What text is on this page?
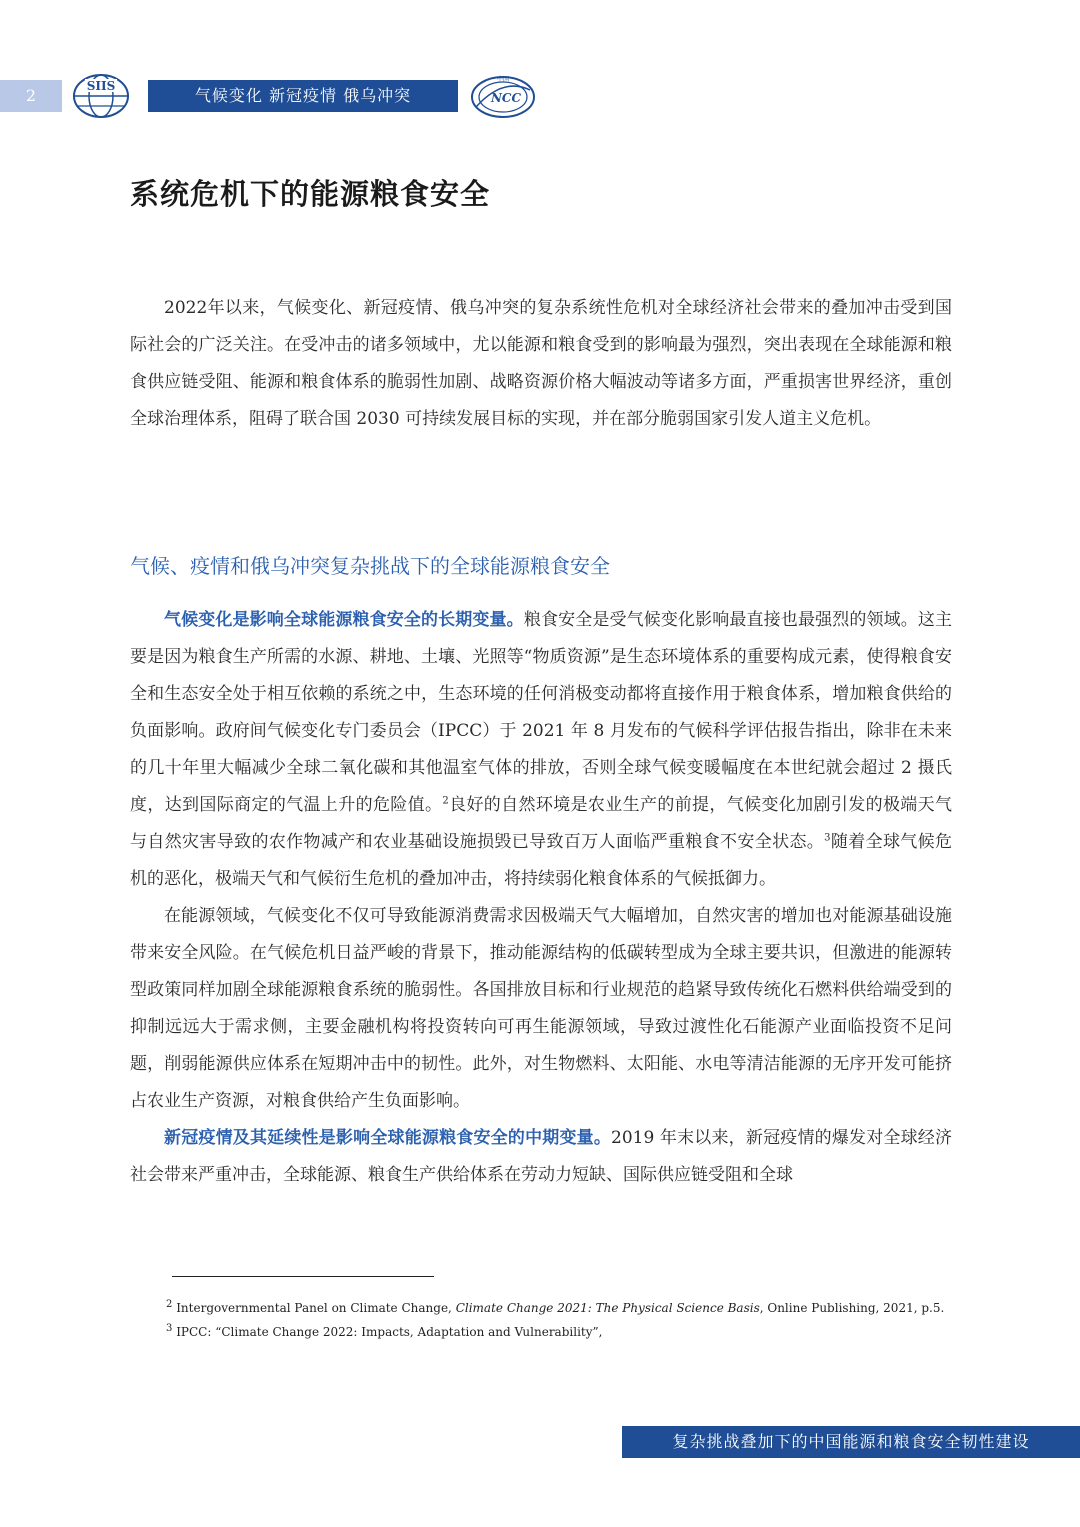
2	SIIS	气候变化 新冠疫情 俄乌冲突
中国
NCC
系统危机下的能源粮食安全

2022年以来，气候变化、新冠疫情、俄乌冲突的复杂系统性危机对全球经济社会带来的叠加冲击受到国际社会的广泛关注。在受冲击的诸多领域中，尤以能源和粮食受到的影响最为强烈，突出表现在全球能源和粮食供应链受阻、能源和粮食体系的脆弱性加剧、战略资源价格大幅波动等诸多方面，严重损害世界经济，重创全球治理体系，阻碍了联合国 2030 可持续发展目标的实现，并在部分脆弱国家引发人道主义危机。

气候、疫情和俄乌冲突复杂挑战下的全球能源粮食安全

气候变化是影响全球能源粮食安全的长期变量。粮食安全是受气候变化影响最直接也最强烈的领域。这主要是因为粮食生产所需的水源、耕地、土壤、光照等“物质资源”是生态环境体系的重要构成元素，使得粮食安全和生态安全处于相互依赖的系统之中，生态环境的任何消极变动都将直接作用于粮食体系，增加粮食供给的负面影响。政府间气候变化专门委员会（IPCC）于 2021 年 8 月发布的气候科学评估报告指出，除非在未来的几十年里大幅减少全球二氧化碳和其他温室气体的排放，否则全球气候变暖幅度在本世纪就会超过 2 摄氏度，达到国际商定的气温上升的危险值。$^2$良好的自然环境是农业生产的前提，气候变化加剧引发的极端天气与自然灾害导致的农作物减产和农业基础设施损毁已导致百万人面临严重粮食不安全状态。$^3$随着全球气候危机的恶化，极端天气和气候衍生危机的叠加冲击，将持续弱化粮食体系的气候抵御力。

在能源领域，气候变化不仅可导致能源消费需求因极端天气大幅增加，自然灾害的增加也对能源基础设施带来安全风险。在气候危机日益严峻的背景下，推动能源结构的低碳转型成为全球主要共识，但激进的能源转型政策同样加剧全球能源粮食系统的脆弱性。各国排放目标和行业规范的趋紧导致传统化石燃料供给端受到的抑制远远大于需求侧，主要金融机构将投资转向可再生能源领域，导致过渡性化石能源产业面临投资不足问题，削弱能源供应体系在短期冲击中的韧性。此外，对生物燃料、太阳能、水电等清洁能源的无序开发可能挤占农业生产资源，对粮食供给产生负面影响。

新冠疫情及其延续性是影响全球能源粮食安全的中期变量。2019 年末以来，新冠疫情的爆发对全球经济社会带来严重冲击，全球能源、粮食生产供给体系在劳动力短缺、国际供应链受阻和全球

$^2$ Intergovernmental Panel on Climate Change, Climate Change 2021: The Physical Science Basis, Online Publishing, 2021, p.5.

$^3$ IPCC: “Climate Change 2022: Impacts, Adaptation and Vulnerability”,

复杂挑战叠加下的中国能源和粮食安全韧性建设
